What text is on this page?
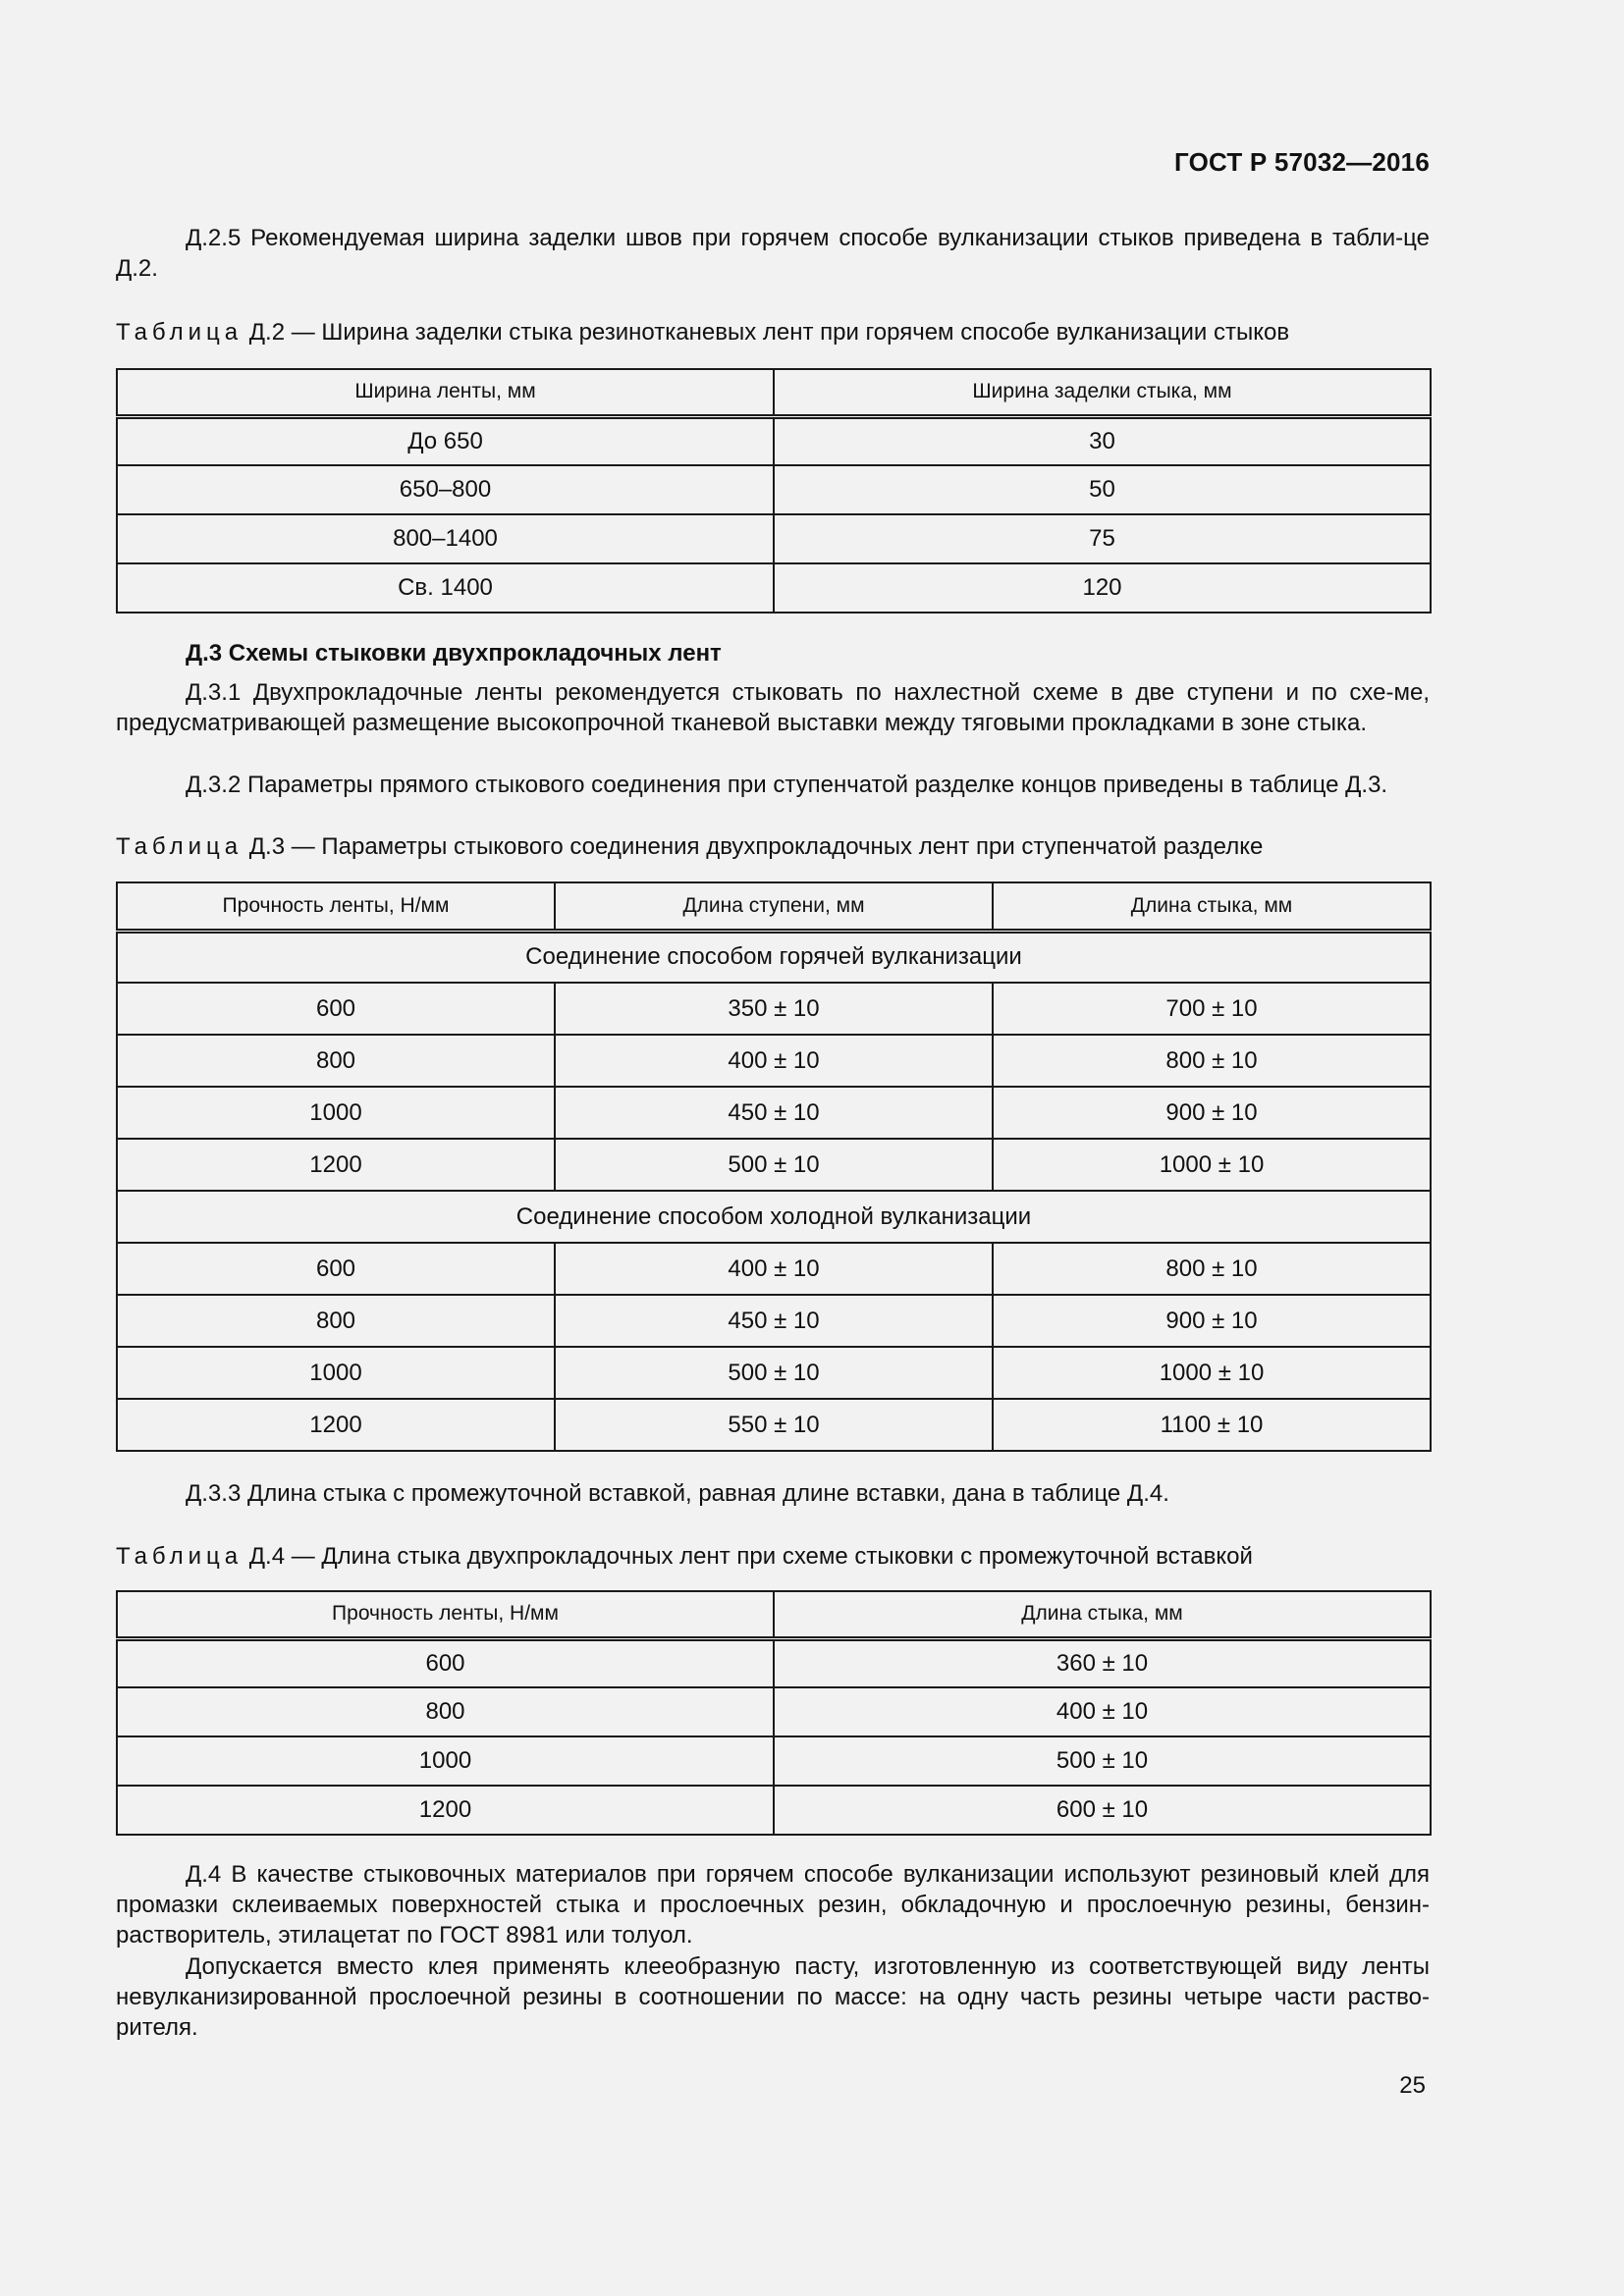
ГОСТ Р 57032—2016

Д.2.5 Рекомендуемая ширина заделки швов при горячем способе вулканизации стыков приведена в табли-це Д.2.

Таблица Д.2 — Ширина заделки стыка резинотканевых лент при горячем способе вулканизации стыков

Ширина ленты, мм	Ширина заделки стыка, мм
До 650	30
650–800	50
800–1400	75
Св. 1400	120
Д.3 Схемы стыковки двухпрокладочных лент

Д.3.1 Двухпрокладочные ленты рекомендуется стыковать по нахлестной схеме в две ступени и по схе-ме, предусматривающей размещение высокопрочной тканевой выставки между тяговыми прокладками в зоне стыка.

Д.3.2 Параметры прямого стыкового соединения при ступенчатой разделке концов приведены в таблице Д.3.

Таблица Д.3 — Параметры стыкового соединения двухпрокладочных лент при ступенчатой разделке

Прочность ленты, Н/мм	Длина ступени, мм	Длина стыка, мм
Соединение способом горячей вулканизации		
600	350 ± 10	700 ± 10
800	400 ± 10	800 ± 10
1000	450 ± 10	900 ± 10
1200	500 ± 10	1000 ± 10
Соединение способом холодной вулканизации		
600	400 ± 10	800 ± 10
800	450 ± 10	900 ± 10
1000	500 ± 10	1000 ± 10
1200	550 ± 10	1100 ± 10

Д.3.3 Длина стыка с промежуточной вставкой, равная длине вставки, дана в таблице Д.4.

Таблица Д.4 — Длина стыка двухпрокладочных лент при схеме стыковки с промежуточной вставкой

Прочность ленты, Н/мм	Длина стыка, мм
600	360 ± 10
800	400 ± 10
1000	500 ± 10
1200	600 ± 10

Д.4 В качестве стыковочных материалов при горячем способе вулканизации используют резиновый клей для промазки склеиваемых поверхностей стыка и прослоечных резин, обкладочную и прослоечную резины, бензин-растворитель, этилацетат по ГОСТ 8981 или толуол.

Допускается вместо клея применять клееобразную пасту, изготовленную из соответствующей виду ленты невулканизированной прослоечной резины в соотношении по массе: на одну часть резины четыре части раство-рителя.

25
